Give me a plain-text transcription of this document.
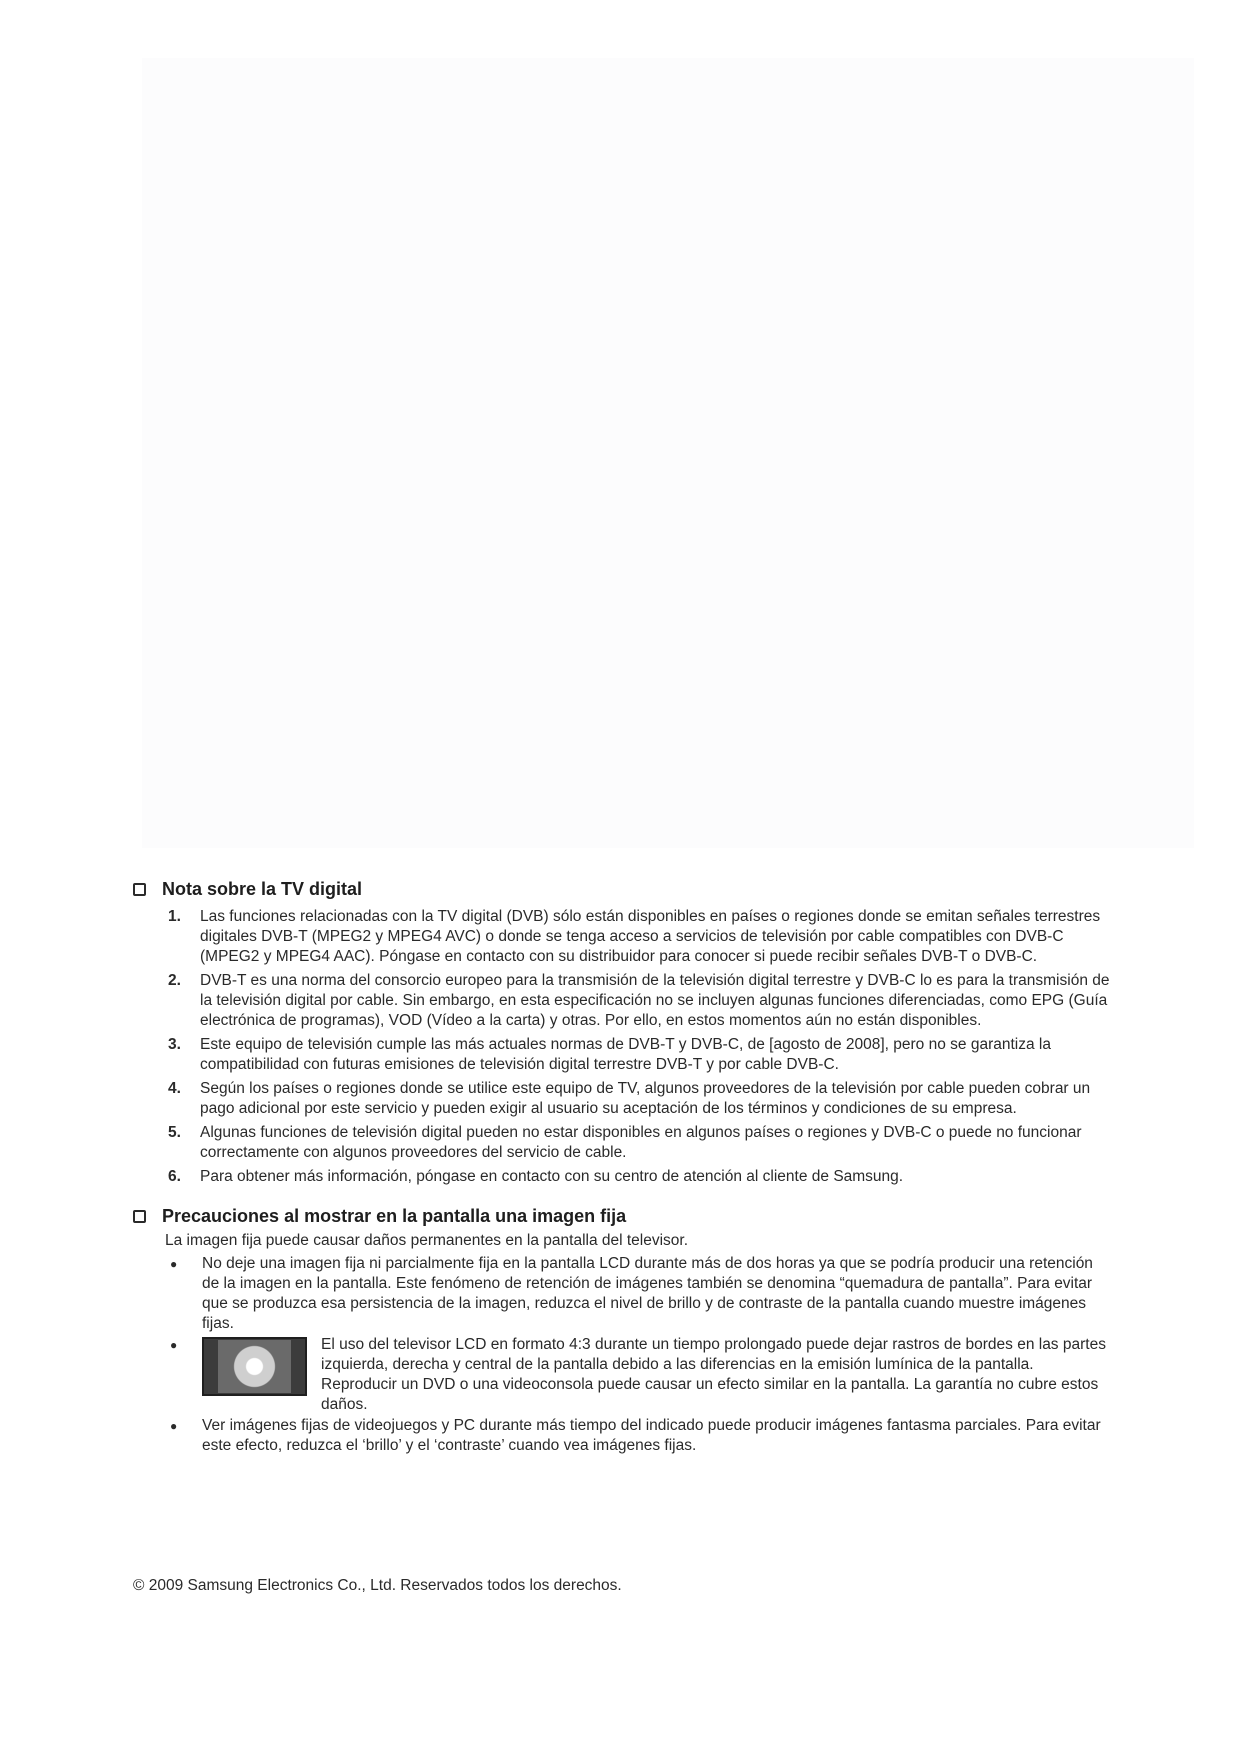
Nota sobre la TV digital
1.	Las funciones relacionadas con la TV digital (DVB) sólo están disponibles en países o regiones donde se emitan señales terrestres digitales DVB-T (MPEG2 y MPEG4 AVC) o donde se tenga acceso a servicios de televisión por cable compatibles con DVB-C (MPEG2 y MPEG4 AAC). Póngase en contacto con su distribuidor para conocer si puede recibir señales DVB-T o DVB-C.
2.	DVB-T es una norma del consorcio europeo para la transmisión de la televisión digital terrestre y DVB-C lo es para la transmisión de la televisión digital por cable. Sin embargo, en esta especificación no se incluyen algunas funciones diferenciadas, como EPG (Guía electrónica de programas), VOD (Vídeo a la carta) y otras. Por ello, en estos momentos aún no están disponibles.
3.	Este equipo de televisión cumple las más actuales normas de DVB-T y DVB-C, de [agosto de 2008], pero no se garantiza la compatibilidad con futuras emisiones de televisión digital terrestre DVB-T y por cable DVB-C.
4.	Según los países o regiones donde se utilice este equipo de TV, algunos proveedores de la televisión por cable pueden cobrar un pago adicional por este servicio y pueden exigir al usuario su aceptación de los términos y condiciones de su empresa.
5.	Algunas funciones de televisión digital pueden no estar disponibles en algunos países o regiones y DVB-C o puede no funcionar correctamente con algunos proveedores del servicio de cable.
6.	Para obtener más información, póngase en contacto con su centro de atención al cliente de Samsung.
Precauciones al mostrar en la pantalla una imagen fija

La imagen fija puede causar daños permanentes en la pantalla del televisor.

●	No deje una imagen fija ni parcialmente fija en la pantalla LCD durante más de dos horas ya que se podría producir una retención de la imagen en la pantalla. Este fenómeno de retención de imágenes también se denomina “quemadura de pantalla”. Para evitar que se produzca esa persistencia de la imagen, reduzca el nivel de brillo y de contraste de la pantalla cuando muestre imágenes fijas.
●	El uso del televisor LCD en formato 4:3 durante un tiempo prolongado puede dejar rastros de bordes en las partes izquierda, derecha y central de la pantalla debido a las diferencias en la emisión lumínica de la pantalla. Reproducir un DVD o una videoconsola puede causar un efecto similar en la pantalla. La garantía no cubre estos daños.
●	Ver imágenes fijas de videojuegos y PC durante más tiempo del indicado puede producir imágenes fantasma parciales. Para evitar este efecto, reduzca el ‘brillo’ y el ‘contraste’ cuando vea imágenes fijas.
© 2009 Samsung Electronics Co., Ltd. Reservados todos los derechos.
